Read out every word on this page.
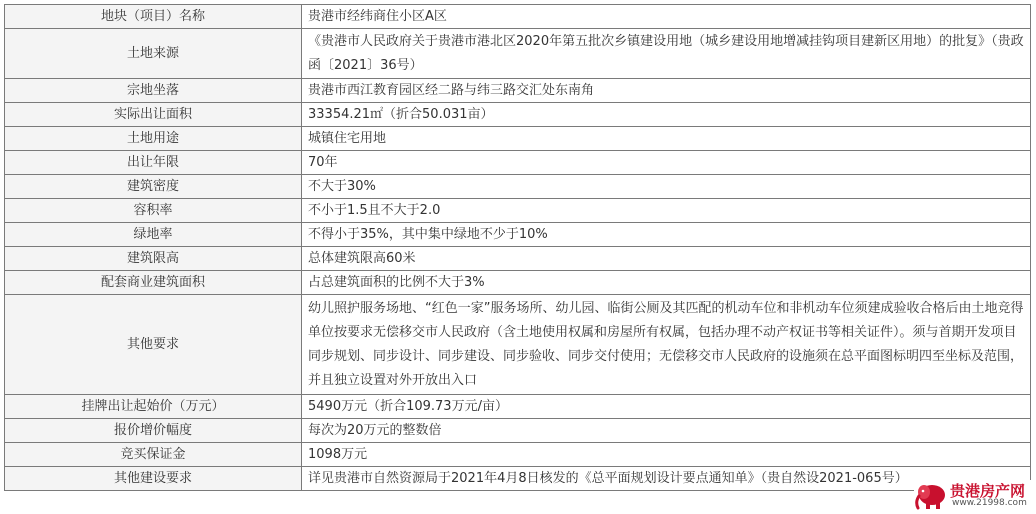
地块（项目）名称	贵港市经纬商住小区A区
土地来源	《贵港市人民政府关于贵港市港北区2020年第五批次乡镇建设用地（城乡建设用地增减挂钩项目建新区用地）的批复》（贵政函〔2021〕36号）
宗地坐落	贵港市西江教育园区经二路与纬三路交汇处东南角
实际出让面积	33354.21㎡（折合50.031亩）
土地用途	城镇住宅用地
出让年限	70年
建筑密度	不大于30%
容积率	不小于1.5且不大于2.0
绿地率	不得小于35%，其中集中绿地不少于10%
建筑限高	总体建筑限高60米
配套商业建筑面积	占总建筑面积的比例不大于3%
其他要求	幼儿照护服务场地、“红色一家”服务场所、幼儿园、临街公厕及其匹配的机动车位和非机动车位须建成验收合格后由土地竞得单位按要求无偿移交市人民政府（含土地使用权属和房屋所有权属，包括办理不动产权证书等相关证件）。须与首期开发项目同步规划、同步设计、同步建设、同步验收、同步交付使用；无偿移交市人民政府的设施须在总平面图标明四至坐标及范围，并且独立设置对外开放出入口
挂牌出让起始价（万元）	5490万元（折合109.73万元/亩）
报价增价幅度	每次为20万元的整数倍
竞买保证金	1098万元
其他建设要求	详见贵港市自然资源局于2021年4月8日核发的《总平面规划设计要点通知单》（贵自然设2021-065号）
贵港房产网
www.21998.com
